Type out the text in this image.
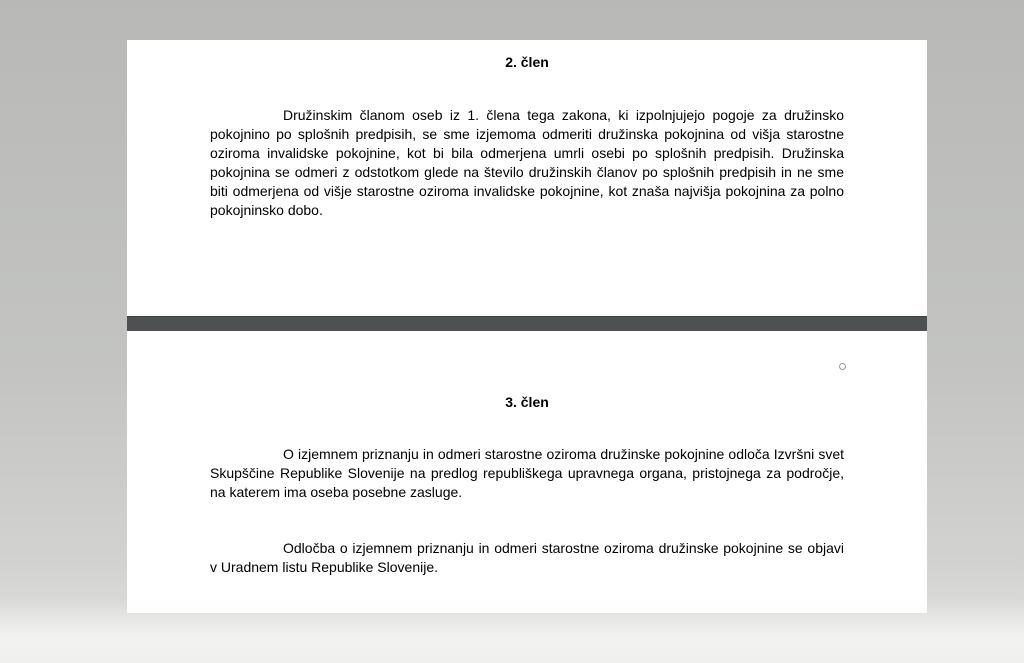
2. člen

Družinskim članom oseb iz 1. člena tega zakona, ki izpolnjujejo pogoje za družinsko pokojnino po splošnih predpisih, se sme izjemoma odmeriti družinska pokojnina od višja starostne oziroma invalidske pokojnine, kot bi bila odmerjena umrli osebi po splošnih predpisih. Družinska pokojnina se odmeri z odstotkom glede na število družinskih članov po splošnih predpisih in ne sme biti odmerjena od višje starostne oziroma invalidske pokojnine, kot znaša najvišja pokojnina za polno pokojninsko dobo.

3. člen

O izjemnem priznanju in odmeri starostne oziroma družinske pokojnine odloča Izvršni svet Skupščine Republike Slovenije na predlog republiškega upravnega organa, pristojnega za področje, na katerem ima oseba posebne zasluge.

Odločba o izjemnem priznanju in odmeri starostne oziroma družinske pokojnine se objavi v Uradnem listu Republike Slovenije.
